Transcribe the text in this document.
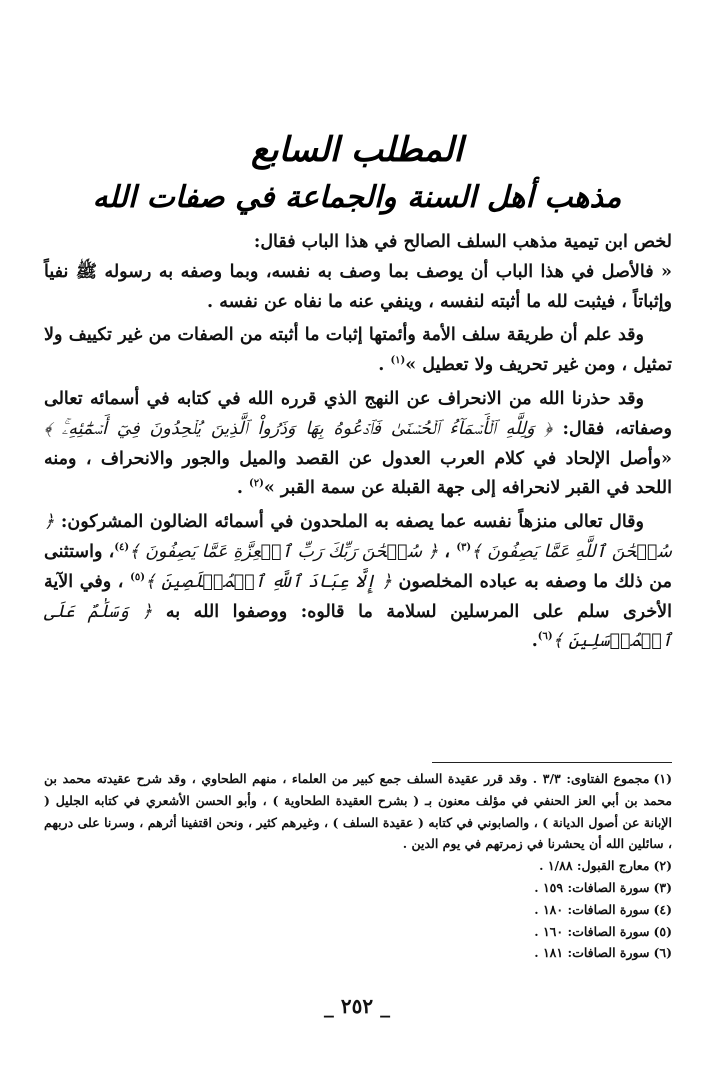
المطلب السابع
مذهب أهل السنة والجماعة في صفات الله

لخص ابن تيمية مذهب السلف الصالح في هذا الباب فقال:

« فالأصل في هذا الباب أن يوصف بما وصف به نفسه، وبما وصفه به رسوله ﷺ نفياً وإثباتاً ، فيثبت لله ما أثبته لنفسه ، وينفي عنه ما نفاه عن نفسه .

وقد علم أن طريقة سلف الأمة وأئمتها إثبات ما أثبته من الصفات من غير تكييف ولا تمثيل ، ومن غير تحريف ولا تعطيل »$^{(١)}$ .

وقد حذرنا الله من الانحراف عن النهج الذي قرره الله في كتابه في أسمائه تعالى وصفاته، فقال: ﴿ وَلِلَّهِ ٱلۡأَسۡمَآءُ ٱلۡحُسۡنَىٰ فَٱدۡعُوهُ بِهَا وَذَرُواْ ٱلَّذِينَ يُلۡحِدُونَ فِيٓ أَسۡمَٰٓئِهِۦۚ ﴾ «وأصل الإلحاد في كلام العرب العدول عن القصد والميل والجور والانحراف ، ومنه اللحد في القبر لانحرافه إلى جهة القبلة عن سمة القبر »$^{(٢)}$ .

وقال تعالى منزهاً نفسه عما يصفه به الملحدون في أسمائه الضالون المشركون: ﴿ سُبۡحَٰنَ ٱللَّهِ عَمَّا يَصِفُونَ ﴾$^{(٣)}$ ، ﴿ سُبۡحَٰنَ رَبِّكَ رَبِّ ٱلۡعِزَّةِ عَمَّا يَصِفُونَ ﴾$^{(٤)}$، واستثنى من ذلك ما وصفه به عباده المخلصون ﴿ إِلَّا عِبَادَ ٱللَّهِ ٱلۡمُخۡلَصِينَ ﴾$^{(٥)}$ ، وفي الآية الأخرى سلم على المرسلين لسلامة ما قالوه: ووصفوا الله به ﴿ وَسَلَٰمٌ عَلَى ٱلۡمُرۡسَلِينَ ﴾$^{(٦)}$.

(١)مجموع الفتاوى: ٣/٣ . وقد قرر عقيدة السلف جمع كبير من العلماء ، منهم الطحاوي ، وقد شرح عقيدته محمد بن محمد بن أبي العز الحنفي في مؤلف معنون بـ ( بشرح العقيدة الطحاوية ) ، وأبو الحسن الأشعري في كتابه الجليل ( الإبانة عن أصول الديانة ) ، والصابوني في كتابه ( عقيدة السلف ) ، وغيرهم كثير ، ونحن اقتفينا أثرهم ، وسرنا على دربهم ، سائلين الله أن يحشرنا في زمرتهم في يوم الدين .

(٢)معارج القبول: ١/٨٨ .

(٣)سورة الصافات: ١٥٩ .

(٤)سورة الصافات: ١٨٠ .

(٥)سورة الصافات: ١٦٠ .

(٦)سورة الصافات: ١٨١ .

_ ٢٥٢ _
